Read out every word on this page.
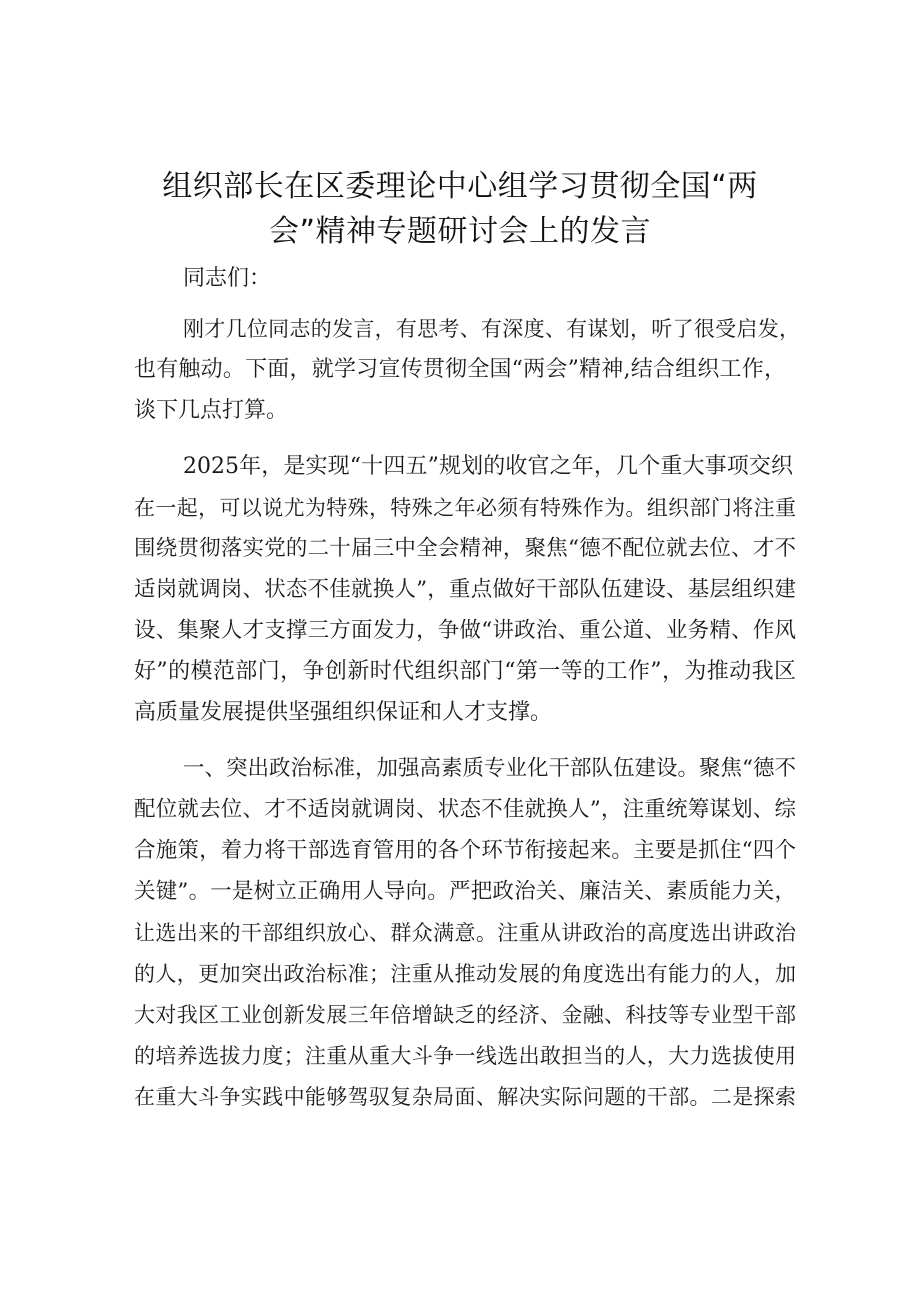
组织部长在区委理论中心组学习贯彻全国“两
会”精神专题研讨会上的发言

同志们：

刚才几位同志的发言，有思考、有深度、有谋划，听了很受启发，

也有触动。下面，就学习宣传贯彻全国“两会”精神,结合组织工作，

谈下几点打算。

2025年，是实现“十四五”规划的收官之年，几个重大事项交织

在一起，可以说尤为特殊，特殊之年必须有特殊作为。组织部门将注重

围绕贯彻落实党的二十届三中全会精神，聚焦“德不配位就去位、才不

适岗就调岗、状态不佳就换人”，重点做好干部队伍建设、基层组织建

设、集聚人才支撑三方面发力，争做“讲政治、重公道、业务精、作风

好”的模范部门，争创新时代组织部门“第一等的工作”，为推动我区

高质量发展提供坚强组织保证和人才支撑。

一、突出政治标准，加强高素质专业化干部队伍建设。聚焦“德不

配位就去位、才不适岗就调岗、状态不佳就换人”，注重统筹谋划、综

合施策，着力将干部选育管用的各个环节衔接起来。主要是抓住“四个

关键”。一是树立正确用人导向。严把政治关、廉洁关、素质能力关，

让选出来的干部组织放心、群众满意。注重从讲政治的高度选出讲政治

的人，更加突出政治标准；注重从推动发展的角度选出有能力的人，加

大对我区工业创新发展三年倍增缺乏的经济、金融、科技等专业型干部

的培养选拔力度；注重从重大斗争一线选出敢担当的人，大力选拔使用

在重大斗争实践中能够驾驭复杂局面、解决实际问题的干部。二是探索
